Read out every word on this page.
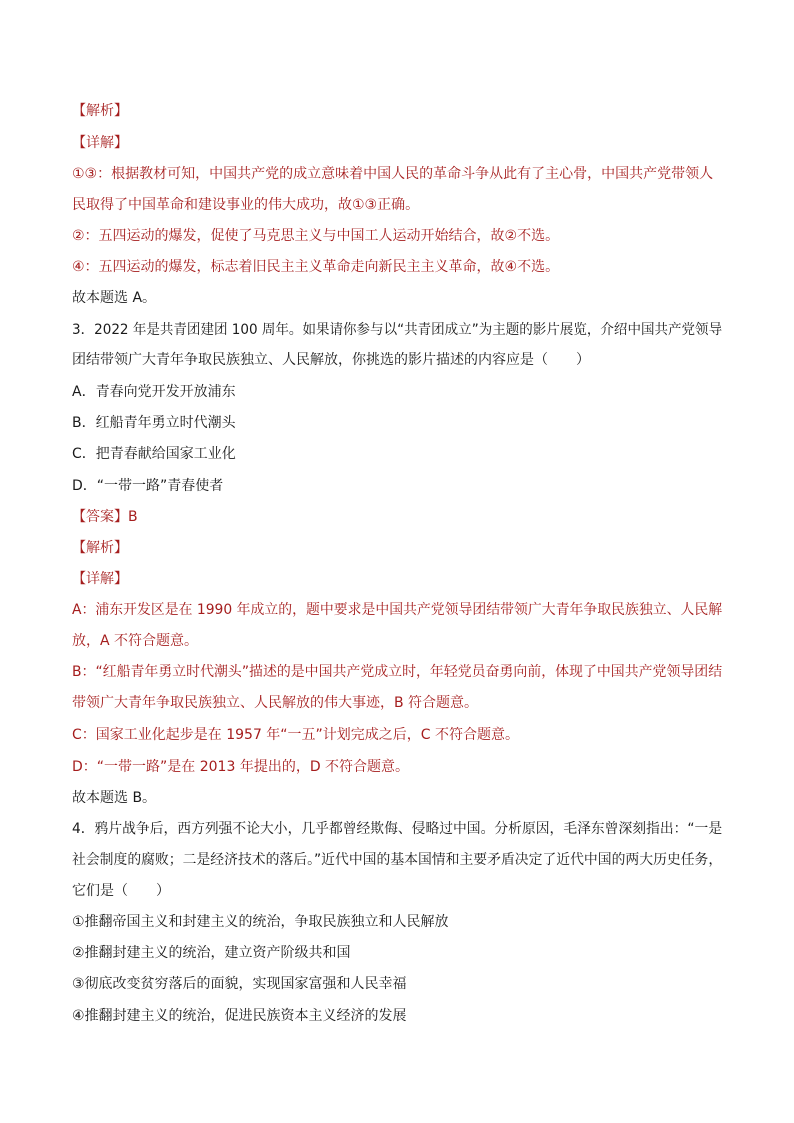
【解析】
【详解】
①③：根据教材可知，中国共产党的成立意味着中国人民的革命斗争从此有了主心骨，中国共产党带领人
民取得了中国革命和建设事业的伟大成功，故①③正确。
②：五四运动的爆发，促使了马克思主义与中国工人运动开始结合，故②不选。
④：五四运动的爆发，标志着旧民主主义革命走向新民主主义革命，故④不选。
故本题选 A。
3．2022 年是共青团建团 100 周年。如果请你参与以“共青团成立”为主题的影片展览，介绍中国共产党领导
团结带领广大青年争取民族独立、人民解放，你挑选的影片描述的内容应是（　　）
A．青春向党开发开放浦东
B．红船青年勇立时代潮头
C．把青春献给国家工业化
D．“一带一路”青春使者
【答案】B
【解析】
【详解】
A：浦东开发区是在 1990 年成立的，题中要求是中国共产党领导团结带领广大青年争取民族独立、人民解
放，A 不符合题意。
B：“红船青年勇立时代潮头”描述的是中国共产党成立时，年轻党员奋勇向前，体现了中国共产党领导团结
带领广大青年争取民族独立、人民解放的伟大事迹，B 符合题意。
C：国家工业化起步是在 1957 年“一五”计划完成之后，C 不符合题意。
D：“一带一路”是在 2013 年提出的，D 不符合题意。
故本题选 B。
4．鸦片战争后，西方列强不论大小，几乎都曾经欺侮、侵略过中国。分析原因，毛泽东曾深刻指出：“一是
社会制度的腐败；二是经济技术的落后。”近代中国的基本国情和主要矛盾决定了近代中国的两大历史任务，
它们是（　　）
①推翻帝国主义和封建主义的统治，争取民族独立和人民解放
②推翻封建主义的统治，建立资产阶级共和国
③彻底改变贫穷落后的面貌，实现国家富强和人民幸福
④推翻封建主义的统治，促进民族资本主义经济的发展
